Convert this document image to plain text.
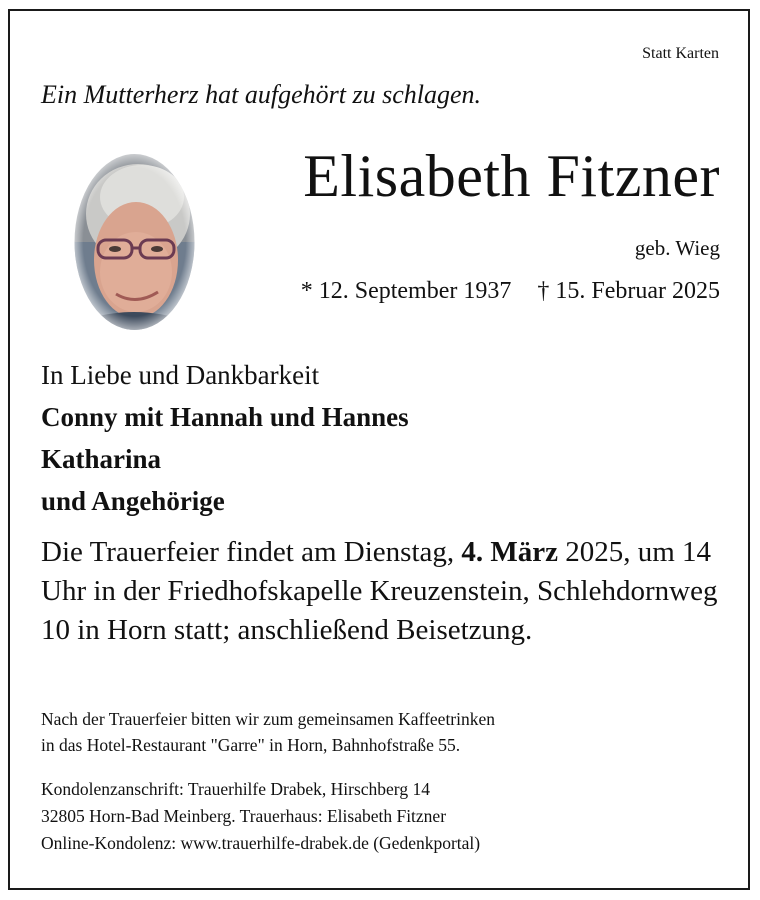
Statt Karten
Ein Mutterherz hat aufgehört zu schlagen.
Elisabeth Fitzner
geb. Wieg
* 12. September 1937 † 15. Februar 2025
In Liebe und Dankbarkeit
Conny mit Hannah und Hannes
Katharina
und Angehörige
Die Trauerfeier findet am Dienstag, 4. März 2025, um 14 Uhr in der Friedhofskapelle Kreuzenstein, Schlehdornweg 10 in Horn statt; anschließend Beisetzung.
Nach der Trauerfeier bitten wir zum gemeinsamen Kaffeetrinken
in das Hotel-Restaurant "Garre" in Horn, Bahnhofstraße 55.
Kondolenzanschrift: Trauerhilfe Drabek, Hirschberg 14
32805 Horn-Bad Meinberg. Trauerhaus: Elisabeth Fitzner
Online-Kondolenz: www.trauerhilfe-drabek.de (Gedenkportal)
